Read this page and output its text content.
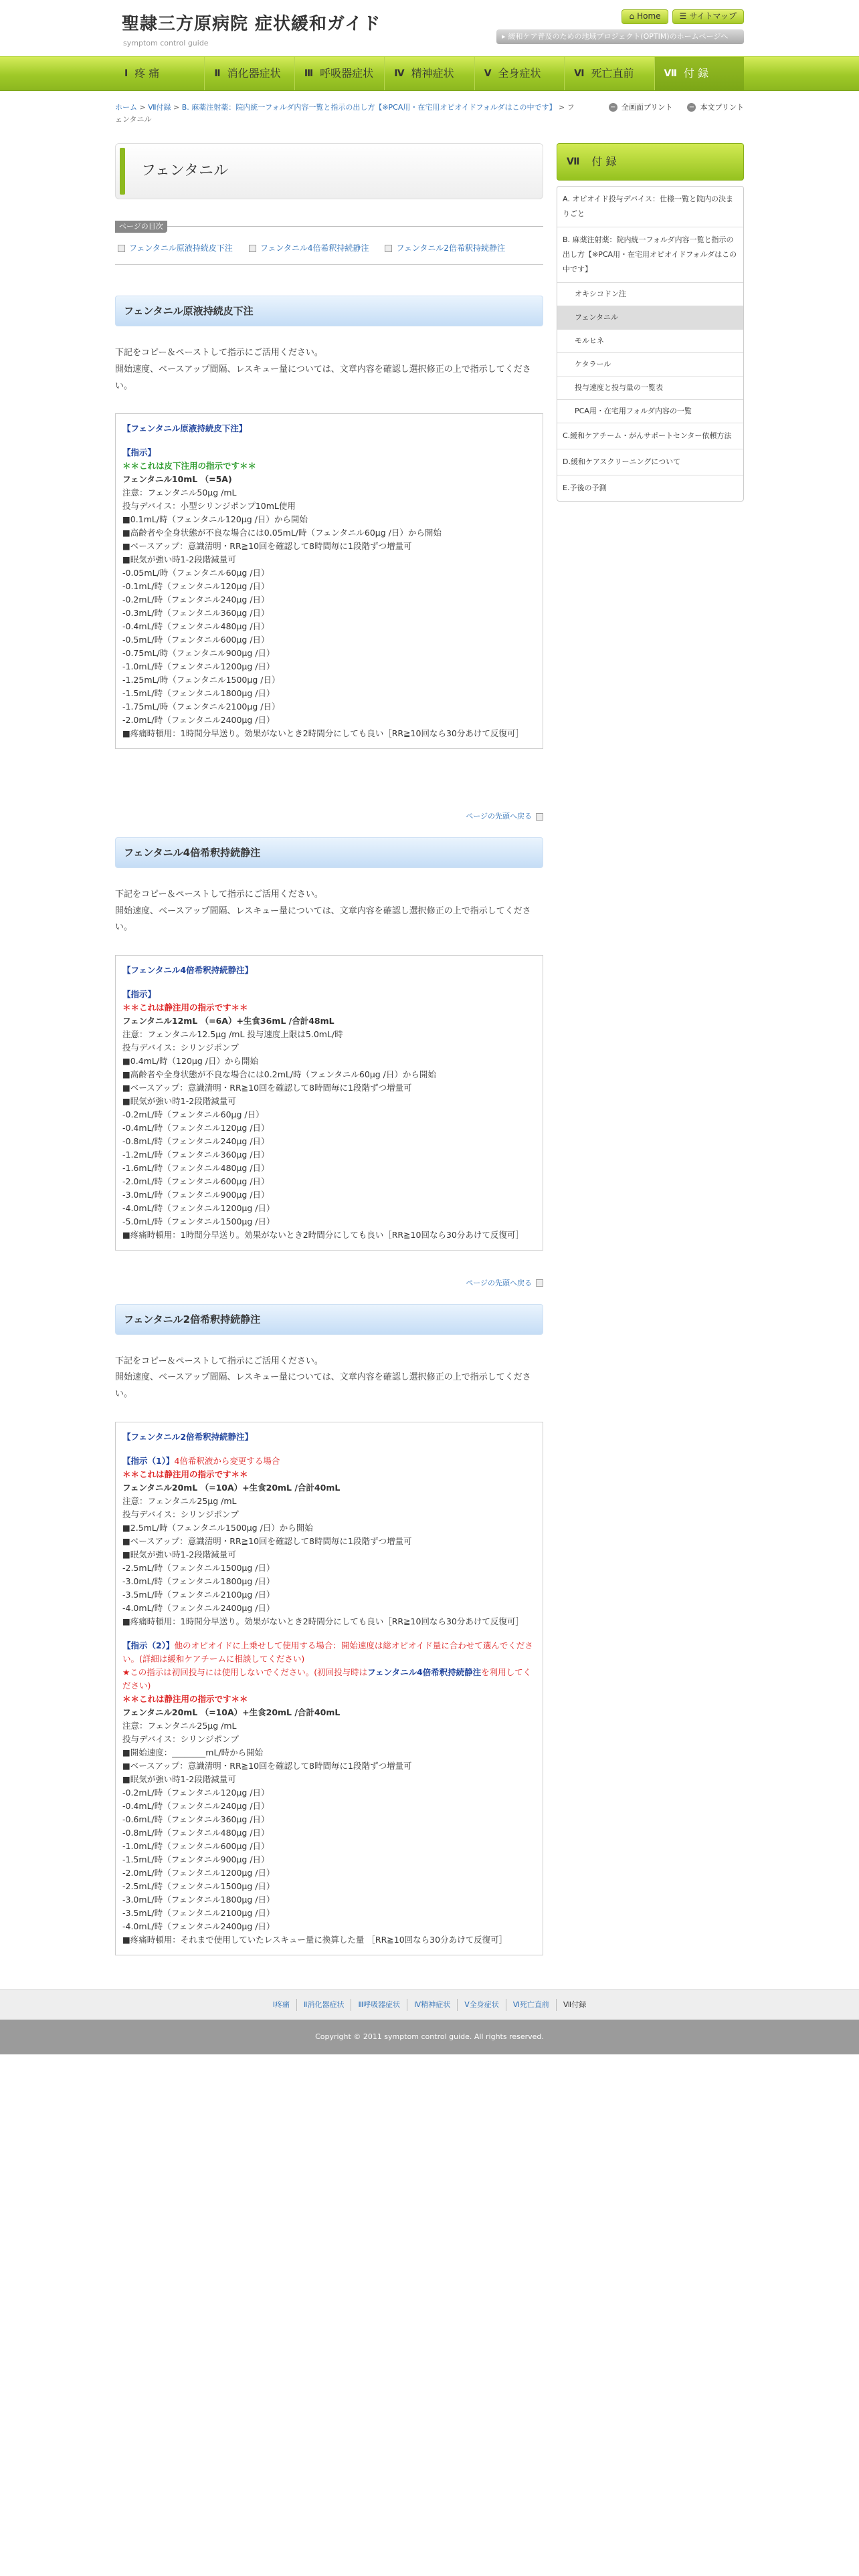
聖隷三方原病院 症状緩和ガイド
symptom control guide
⌂ Home ☰ サイトマップ
▸ 緩和ケア普及のための地域プロジェクト(OPTIM)のホームページへ
Ⅰ 疼 痛	Ⅱ 消化器症状	Ⅲ 呼吸器症状 Ⅳ 精神症状	Ⅴ 全身症状	Ⅵ 死亡直前	Ⅶ 付 録
ホーム > Ⅶ付録 > B. 麻薬注射薬：院内統一フォルダ内容一覧と指示の出し方【※PCA用・在宅用オピオイドフォルダはこの中です】 > フェンタニル
− 全画面プリント − 本文プリント
フェンタニル
ページの目次
フェンタニル原液持続皮下注	フェンタニル4倍希釈持続静注	フェンタニル2倍希釈持続静注
フェンタニル原液持続皮下注
下記をコピー＆ペーストして指示にご活用ください。
開始速度、ベースアップ間隔、レスキュー量については、文章内容を確認し選択修正の上で指示してください。
【フェンタニル原液持続皮下注】
【指示】
＊＊これは皮下注用の指示です＊＊
フェンタニル10mL （=5A)
注意：フェンタニル50μg /mL
投与デバイス：小型シリンジポンプ10mL使用
■0.1mL/時（フェンタニル120μg /日）から開始
■高齢者や全身状態が不良な場合には0.05mL/時（フェンタニル60μg /日）から開始
■ベースアップ：意識清明・RR≧10回を確認して8時間毎に1段階ずつ増量可
■眠気が強い時1-2段階減量可
-0.05mL/時（フェンタニル60μg /日）
-0.1mL/時（フェンタニル120μg /日）
-0.2mL/時（フェンタニル240μg /日）
-0.3mL/時（フェンタニル360μg /日）
-0.4mL/時（フェンタニル480μg /日）
-0.5mL/時（フェンタニル600μg /日）
-0.75mL/時（フェンタニル900μg /日）
-1.0mL/時（フェンタニル1200μg /日）
-1.25mL/時（フェンタニル1500μg /日）
-1.5mL/時（フェンタニル1800μg /日）
-1.75mL/時（フェンタニル2100μg /日）
-2.0mL/時（フェンタニル2400μg /日）
■疼痛時頓用：1時間分早送り。効果がないとき2時間分にしても良い［RR≧10回なら30分あけて反復可］
ページの先頭へ戻る
フェンタニル4倍希釈持続静注
下記をコピー＆ペーストして指示にご活用ください。
開始速度、ベースアップ間隔、レスキュー量については、文章内容を確認し選択修正の上で指示してください。
【フェンタニル4倍希釈持続静注】
【指示】
＊＊これは静注用の指示です＊＊
フェンタニル12mL （=6A）+生食36mL /合計48mL
注意：フェンタニル12.5μg /mL 投与速度上限は5.0mL/時
投与デバイス：シリンジポンプ
■0.4mL/時（120μg /日）から開始
■高齢者や全身状態が不良な場合には0.2mL/時（フェンタニル60μg /日）から開始
■ベースアップ：意識清明・RR≧10回を確認して8時間毎に1段階ずつ増量可
■眠気が強い時1-2段階減量可
-0.2mL/時（フェンタニル60μg /日）
-0.4mL/時（フェンタニル120μg /日）
-0.8mL/時（フェンタニル240μg /日）
-1.2mL/時（フェンタニル360μg /日）
-1.6mL/時（フェンタニル480μg /日）
-2.0mL/時（フェンタニル600μg /日）
-3.0mL/時（フェンタニル900μg /日）
-4.0mL/時（フェンタニル1200μg /日）
-5.0mL/時（フェンタニル1500μg /日）
■疼痛時頓用：1時間分早送り。効果がないとき2時間分にしても良い［RR≧10回なら30分あけて反復可］
ページの先頭へ戻る
フェンタニル2倍希釈持続静注
下記をコピー＆ペーストして指示にご活用ください。
開始速度、ベースアップ間隔、レスキュー量については、文章内容を確認し選択修正の上で指示してください。
【フェンタニル2倍希釈持続静注】
【指示（1）】4倍希釈液から変更する場合
＊＊これは静注用の指示です＊＊
フェンタニル20mL （=10A）+生食20mL /合計40mL
注意：フェンタニル25μg /mL
投与デバイス：シリンジポンプ
■2.5mL/時（フェンタニル1500μg /日）から開始
■ベースアップ：意識清明・RR≧10回を確認して8時間毎に1段階ずつ増量可
■眠気が強い時1-2段階減量可
-2.5mL/時（フェンタニル1500μg /日）
-3.0mL/時（フェンタニル1800μg /日）
-3.5mL/時（フェンタニル2100μg /日）
-4.0mL/時（フェンタニル2400μg /日）
■疼痛時頓用：1時間分早送り。効果がないとき2時間分にしても良い［RR≧10回なら30分あけて反復可］
【指示（2）】他のオピオイドに上乗せして使用する場合：開始速度は総オピオイド量に合わせて選んでください。(詳細は緩和ケアチームに相談してください)
★この指示は初回投与には使用しないでください。(初回投与時はフェンタニル4倍希釈持続静注を利用してください)
＊＊これは静注用の指示です＊＊
フェンタニル20mL （=10A）+生食20mL /合計40mL
注意：フェンタニル25μg /mL
投与デバイス：シリンジポンプ
■開始速度：________mL/時から開始
■ベースアップ：意識清明・RR≧10回を確認して8時間毎に1段階ずつ増量可
■眠気が強い時1-2段階減量可
-0.2mL/時（フェンタニル120μg /日）
-0.4mL/時（フェンタニル240μg /日）
-0.6mL/時（フェンタニル360μg /日）
-0.8mL/時（フェンタニル480μg /日）
-1.0mL/時（フェンタニル600μg /日）
-1.5mL/時（フェンタニル900μg /日）
-2.0mL/時（フェンタニル1200μg /日）
-2.5mL/時（フェンタニル1500μg /日）
-3.0mL/時（フェンタニル1800μg /日）
-3.5mL/時（フェンタニル2100μg /日）
-4.0mL/時（フェンタニル2400μg /日）
■疼痛時頓用：それまで使用していたレスキュー量に換算した量 ［RR≧10回なら30分あけて反復可］
Ⅶ 付 録
A. オピオイド投与デバイス：仕様一覧と院内の決まりごと
B. 麻薬注射薬：院内統一フォルダ内容一覧と指示の出し方【※PCA用・在宅用オピオイドフォルダはこの中です】
オキシコドン注
フェンタニル
モルヒネ
ケタラール
投与速度と投与量の一覧表
PCA用・在宅用フォルダ内容の一覧
C.緩和ケアチーム・がんサポートセンター依頼方法
D.緩和ケアスクリーニングについて
E.予後の予測
Ⅰ疼痛	Ⅱ消化器症状	Ⅲ呼吸器症状	Ⅳ精神症状	Ⅴ全身症状	Ⅵ死亡直前	Ⅶ付録
Copyright © 2011 symptom control guide. All rights reserved.
